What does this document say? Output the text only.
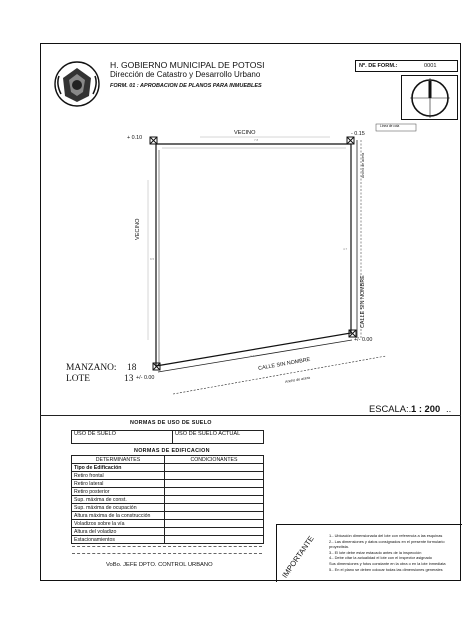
H. GOBIERNO MUNICIPAL DE POTOSI
Dirección de Catastro y Desarrollo Urbano
FORM. 01 : APROBACION DE PLANOS PARA INMUEBLES
Nº. DE FORM.:	0001
7.8
4.7
9.5
7.8
+ 0.10
- 0.15
VECINO
Ancho de acera
Línea de cota
VECINO
CALLE SIN NOMBRE
+/- 0.00
CALLE SIN NOMBRE
Ancho de acera
MANZANO: 18
LOTE	13 +/- 0.00
ESCALA:..
1 : 200 ..
NORMAS DE USO DE SUELO
USO DE SUELO	USO DE SUELO ACTUAL
NORMAS DE EDIFICACION
DETERMINANTES	CONDICIONANTES
Tipo de Edificación	
Retiro frontal	
Retiro lateral	
Retiro posterior	
Sup. máxima de const.	
Sup. máxima de ocupación	
Altura máxima de la construcción	
Voladizos sobre la vía	
Altura del voladizo	
Estacionamientos	
VoBo. JEFE DPTO. CONTROL URBANO	IMPORTANTE	1.- Ubicación dimensionada del lote con referencia a las esquinas
2.- Las dimensiones y datos consignados en el presente formulario
proyectista.
3.- El lote debe estar estacado antes de la inspección
4.- Debe citar la actualidad el lote con el inspector asignado
Sus dimensiones y fotos constante en la obra o en la lote inmediata
5.- En el plano se deben colocar todas las dimensiones generales
